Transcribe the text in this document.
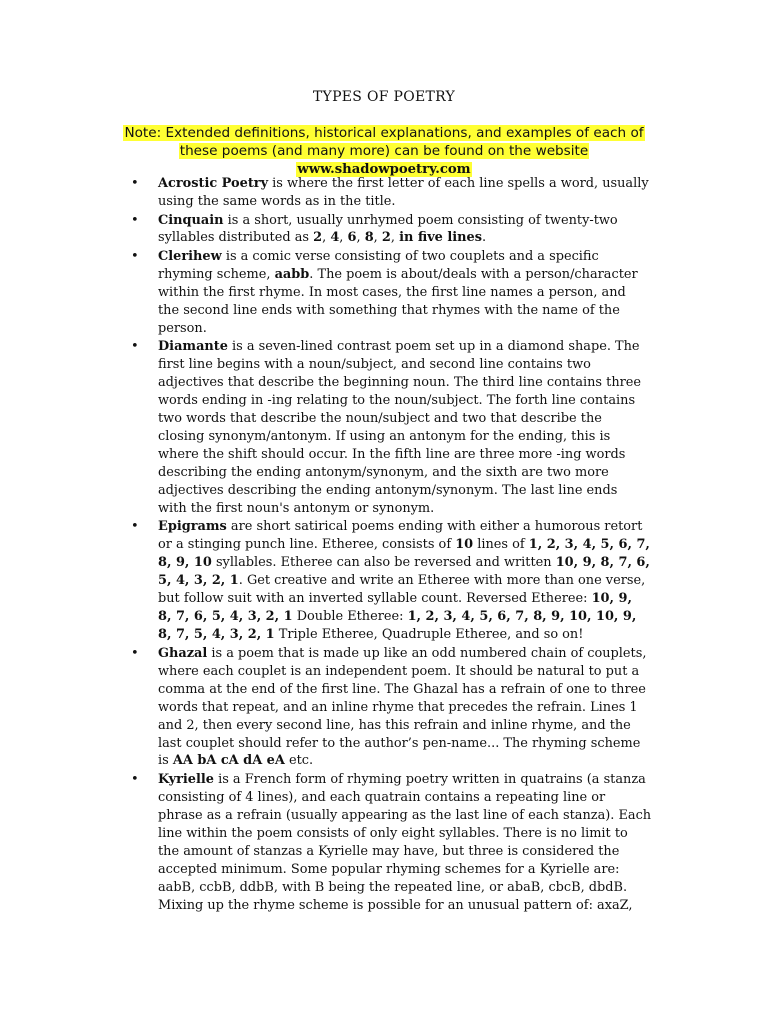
TYPES OF POETRY
Note: Extended definitions, historical explanations, and examples of each of
these poems (and many more) can be found on the website
www.shadowpoetry.com
• Acrostic Poetry is where the first letter of each line spells a word, usually
using the same words as in the title.
• Cinquain is a short, usually unrhymed poem consisting of twenty-two
syllables distributed as 2, 4, 6, 8, 2, in five lines.
• Clerihew is a comic verse consisting of two couplets and a specific
rhyming scheme, aabb. The poem is about/deals with a person/character
within the first rhyme. In most cases, the first line names a person, and
the second line ends with something that rhymes with the name of the
person.
• Diamante is a seven-lined contrast poem set up in a diamond shape. The
first line begins with a noun/subject, and second line contains two
adjectives that describe the beginning noun. The third line contains three
words ending in -ing relating to the noun/subject. The forth line contains
two words that describe the noun/subject and two that describe the
closing synonym/antonym. If using an antonym for the ending, this is
where the shift should occur. In the fifth line are three more -ing words
describing the ending antonym/synonym, and the sixth are two more
adjectives describing the ending antonym/synonym. The last line ends
with the first noun's antonym or synonym.
• Epigrams are short satirical poems ending with either a humorous retort
or a stinging punch line. Etheree, consists of 10 lines of 1, 2, 3, 4, 5, 6, 7,
8, 9, 10 syllables. Etheree can also be reversed and written 10, 9, 8, 7, 6,
5, 4, 3, 2, 1. Get creative and write an Etheree with more than one verse,
but follow suit with an inverted syllable count. Reversed Etheree: 10, 9,
8, 7, 6, 5, 4, 3, 2, 1 Double Etheree: 1, 2, 3, 4, 5, 6, 7, 8, 9, 10, 10, 9,
8, 7, 5, 4, 3, 2, 1 Triple Etheree, Quadruple Etheree, and so on!
• Ghazal is a poem that is made up like an odd numbered chain of couplets,
where each couplet is an independent poem. It should be natural to put a
comma at the end of the first line. The Ghazal has a refrain of one to three
words that repeat, and an inline rhyme that precedes the refrain. Lines 1
and 2, then every second line, has this refrain and inline rhyme, and the
last couplet should refer to the author’s pen-name... The rhyming scheme
is AA bA cA dA eA etc.
• Kyrielle is a French form of rhyming poetry written in quatrains (a stanza
consisting of 4 lines), and each quatrain contains a repeating line or
phrase as a refrain (usually appearing as the last line of each stanza). Each
line within the poem consists of only eight syllables. There is no limit to
the amount of stanzas a Kyrielle may have, but three is considered the
accepted minimum. Some popular rhyming schemes for a Kyrielle are:
aabB, ccbB, ddbB, with B being the repeated line, or abaB, cbcB, dbdB.
Mixing up the rhyme scheme is possible for an unusual pattern of: axaZ,
